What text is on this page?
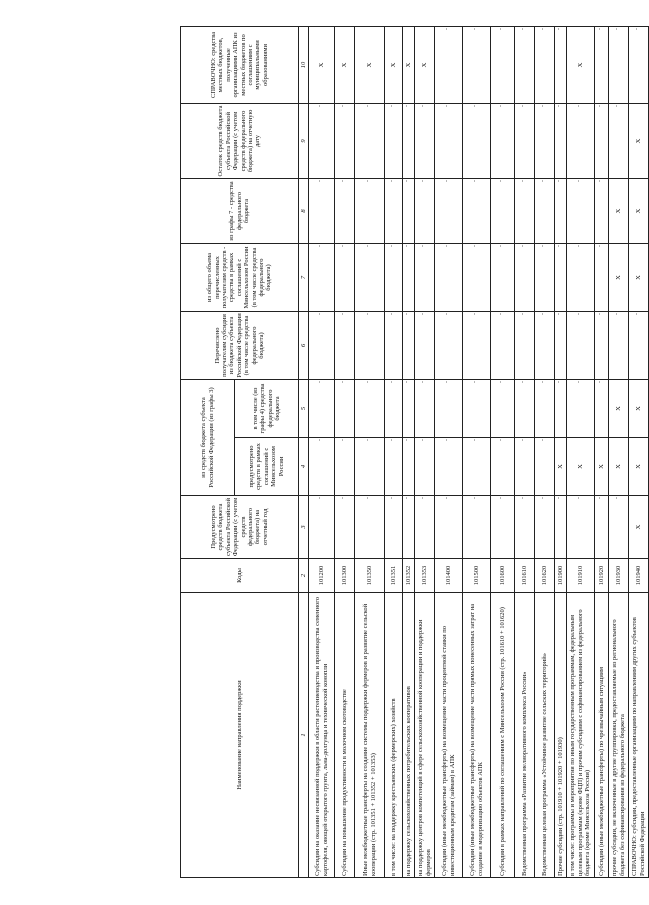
Наименование направления поддержки	Коды	Предусмотрено средств бюджета субъекта Российской Федерации (с учетом средств федерального бюджета) на отчетный год	из средств бюджета субъекта Российской Федерации (из графы 3)		Перечислено получателям субсидии из бюджета субъекта Российской Федерации (в том числе средства федерального бюджета)	из общего объема перечисленных получателям средств - средства в рамках соглашений с Минсельхозом России (в том числе средства федерального бюджета)	из графы 7 - средства федерального бюджета	Остаток средств бюджета субъекта Российской Федерации (с учетом средств федерального бюджета) на отчетную дату	СПРАВОЧНО: средства местных бюджетов, полученные организациями АПК из местных бюджетов по соглашениям с муниципальными образованиями
			предусмотрено средств в рамках соглашений с Минсельхозом России	в том числе (из графы 4) средства федерального бюджета					
1	2	3	4	5	6	7	8	9	10
Субсидии на оказание несвязанной поддержки в области растениеводства и производства семенного картофеля, овощей открытого грунта, льна-долгунца и технической конопли	101200	-	-	-	-	-	-	-	X
Субсидии на повышение продуктивности в молочном скотоводстве	101300	-	-	-	-	-	-	-	X
Иные межбюджетные трансферты на создание системы поддержки фермеров и развитие сельской кооперации (стр. 101351 + 101352 + 101353)	101350	-	-	-	-	-	-	-	X
в том числе: на поддержку крестьянских (фермерских) хозяйств	101351	-	-	-	-	-	-	-	X
на поддержку сельскохозяйственных потребительских кооперативов	101352	-	-	-	-	-	-	-	X
на поддержку центров компетенций в сфере сельскохозяйственной кооперации и поддержки фермеров	101353	-	-	-	-	-	-	-	X
Субсидии (иные межбюджетные трансферты) на возмещение части процентной ставки по инвестиционным кредитам (займам) в АПК	101400	-	-	-	-	-	-	-	-

Субсидии (иные межбюджетные трансферты) на возмещение части прямых понесенных затрат на создание и модернизацию объектов АПК	101500	-	-	-	-	-	-	-	-

Субсидии в рамках направлений по соглашениям с Минсельхозом России (стр. 101610 + 101620)	101600	-	-	-	-	-	-	-	-

Ведомственная программа «Развитие мелиоративного комплекса России»	101610	-	-	-	-	-	-	-	-

Ведомственная целевая программа «Устойчивое развитие сельских территорий»	101620	-	-	-	-	-	-	-	-

Прочие субсидии (стр. 101910 + 101920 + 101930)	101900	-	X	-	-	-	-	-	-

в том числе: программы и мероприятия по иным государственным программам, федеральным целевым программам (кроме ФЦП) и прочим субсидиям с софинансированием из федерального бюджета (кроме Минсельхоза России)	101910	-	X	-	-	-	-	-	X
Субсидии (иные межбюджетные трансферты) по чрезвычайным ситуациям	101920	-	X	-	-	-	-	-	-

прочие субсидии, не включенные в другие группировки, предоставляемые из регионального бюджета без софинансирования из федерального бюджета	101930	-	X	X	-	X	X	-	-

СПРАВОЧНО: субсидии, предоставленные организациям по направлениям других субъектов Российской Федерации	101940	X	X	X	-	X	X	X	-
